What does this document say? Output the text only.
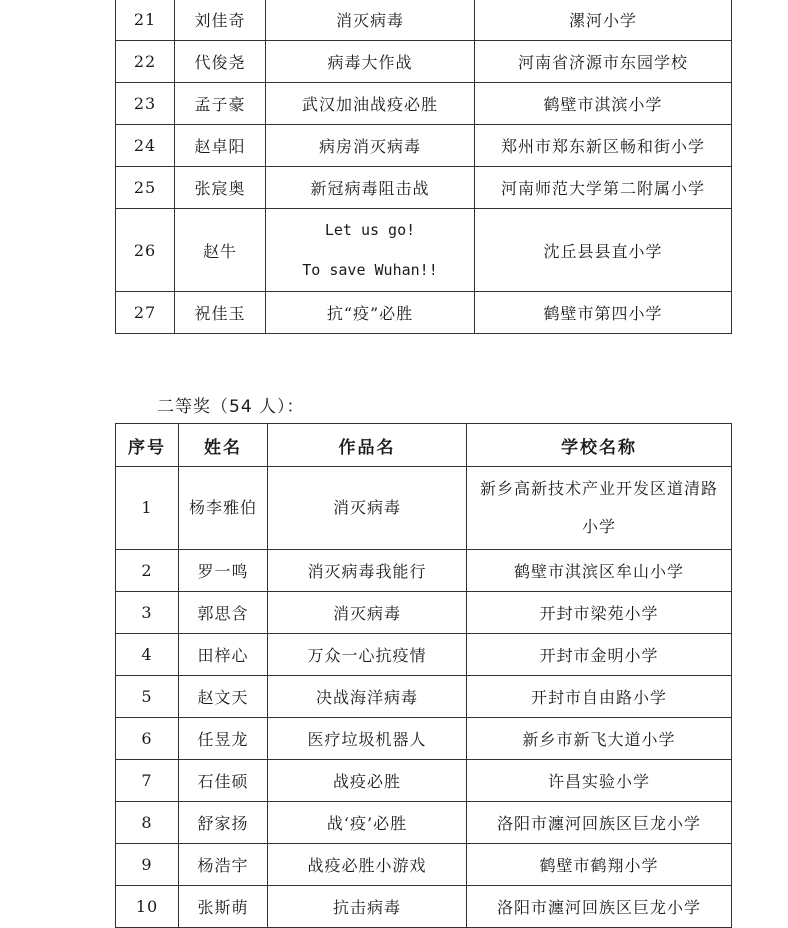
21	刘佳奇	消灭病毒	漯河小学
22	代俊尧	病毒大作战	河南省济源市东园学校
23	孟子豪	武汉加油战疫必胜	鹤壁市淇滨小学
24	赵卓阳	病房消灭病毒	郑州市郑东新区畅和街小学
25	张宸奥	新冠病毒阻击战	河南师范大学第二附属小学
26	赵牛	Let us go!
To save Wuhan!!	沈丘县县直小学
27	祝佳玉	抗“疫”必胜	鹤壁市第四小学
二等奖（54 人）：
序号	姓名	作品名	学校名称
1	杨李雅伯	消灭病毒	新乡高新技术产业开发区道清路小学
2	罗一鸣	消灭病毒我能行	鹤壁市淇滨区牟山小学
3	郭思含	消灭病毒	开封市梁苑小学
4	田梓心	万众一心抗疫情	开封市金明小学
5	赵文天	决战海洋病毒	开封市自由路小学
6	任昱龙	医疗垃圾机器人	新乡市新飞大道小学
7	石佳硕	战疫必胜	许昌实验小学
8	舒家扬	战‘疫’必胜	洛阳市瀍河回族区巨龙小学
9	杨浩宇	战疫必胜小游戏	鹤壁市鹤翔小学
10	张斯萌	抗击病毒	洛阳市瀍河回族区巨龙小学
